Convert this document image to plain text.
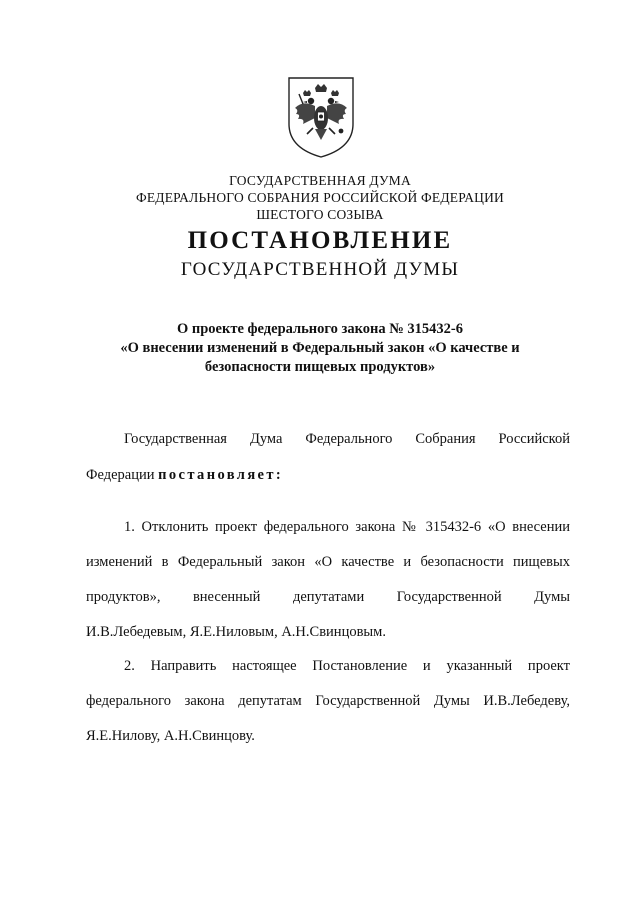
ГОСУДАРСТВЕННАЯ ДУМА
ФЕДЕРАЛЬНОГО СОБРАНИЯ РОССИЙСКОЙ ФЕДЕРАЦИИ
ШЕСТОГО СОЗЫВА
ПОСТАНОВЛЕНИЕ
ГОСУДАРСТВЕННОЙ ДУМЫ
О проекте федерального закона № 315432-6
«О внесении изменений в Федеральный закон «О качестве и
безопасности пищевых продуктов»
Государственная Дума Федерального Собрания Российской
Федерации постановляет:
1. Отклонить проект федерального закона № 315432-6 «О внесении
изменений в Федеральный закон «О качестве и безопасности пищевых
продуктов», внесенный депутатами Государственной Думы
И.В.Лебедевым, Я.Е.Ниловым, А.Н.Свинцовым.
2. Направить настоящее Постановление и указанный проект
федерального закона депутатам Государственной Думы И.В.Лебедеву,
Я.Е.Нилову, А.Н.Свинцову.
